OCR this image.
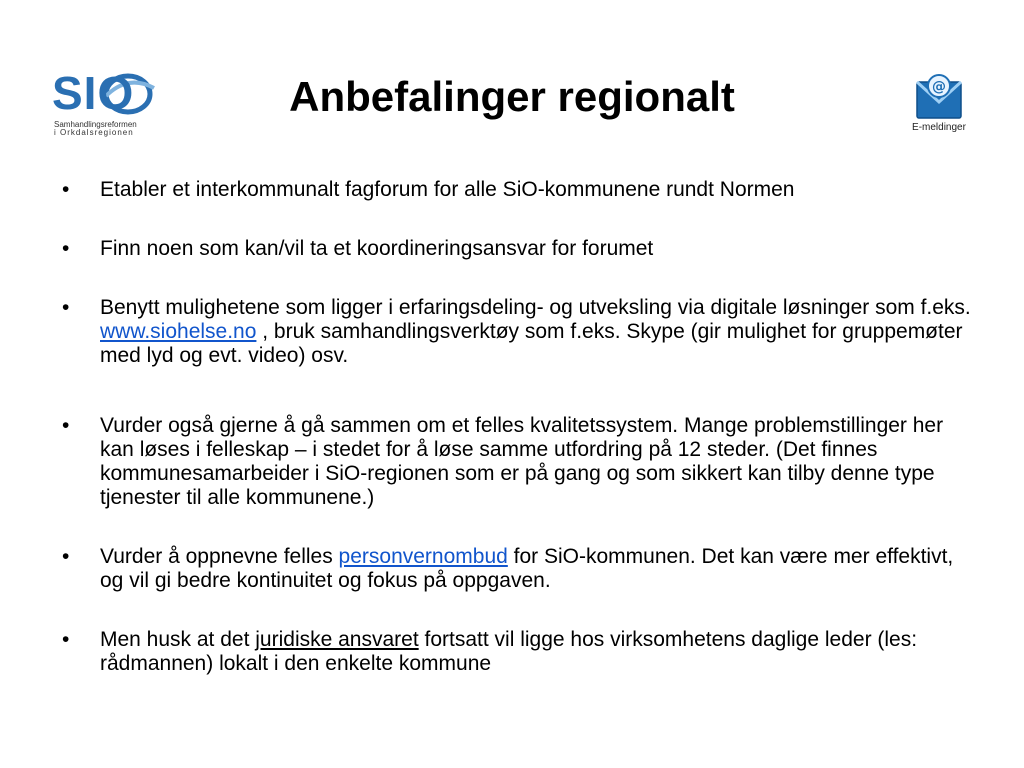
SIO
Samhandlingsreformen
i Orkdalsregionen
Anbefalinger regionalt	@
E-meldinger
• Etabler et interkommunalt fagforum for alle SiO-kommunene rundt Normen
• Finn noen som kan/vil ta et koordineringsansvar for forumet
• Benytt mulighetene som ligger i erfaringsdeling- og utveksling via digitale løsninger som f.eks. www.siohelse.no , bruk samhandlingsverktøy som f.eks. Skype (gir mulighet for gruppemøter med lyd og evt. video) osv.
• Vurder også gjerne å gå sammen om et felles kvalitetssystem. Mange problemstillinger her kan løses i felleskap – i stedet for å løse samme utfordring på 12 steder. (Det finnes kommunesamarbeider i SiO-regionen som er på gang og som sikkert kan tilby denne type tjenester til alle kommunene.)
• Vurder å oppnevne felles personvernombud for SiO-kommunen. Det kan være mer effektivt, og vil gi bedre kontinuitet og fokus på oppgaven.
• Men husk at det juridiske ansvaret fortsatt vil ligge hos virksomhetens daglige leder (les: rådmannen) lokalt i den enkelte kommune
